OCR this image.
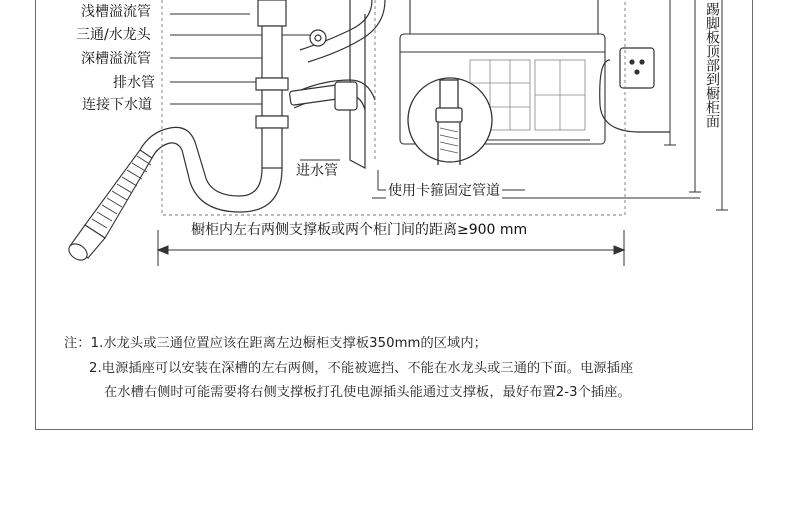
浅槽溢流管
三通/水龙头
深槽溢流管
排水管
连接下水道
进水管
使用卡箍固定管道
橱柜内左右两侧支撑板或两个柜门间的距离≥900 mm
踢脚板顶部到橱柜面
注：1.水龙头或三通位置应该在距离左边橱柜支撑板350mm的区域内；
2.电源插座可以安装在深槽的左右两侧，不能被遮挡、不能在水龙头或三通的下面。电源插座
在水槽右侧时可能需要将右侧支撑板打孔使电源插头能通过支撑板，最好布置2-3个插座。
